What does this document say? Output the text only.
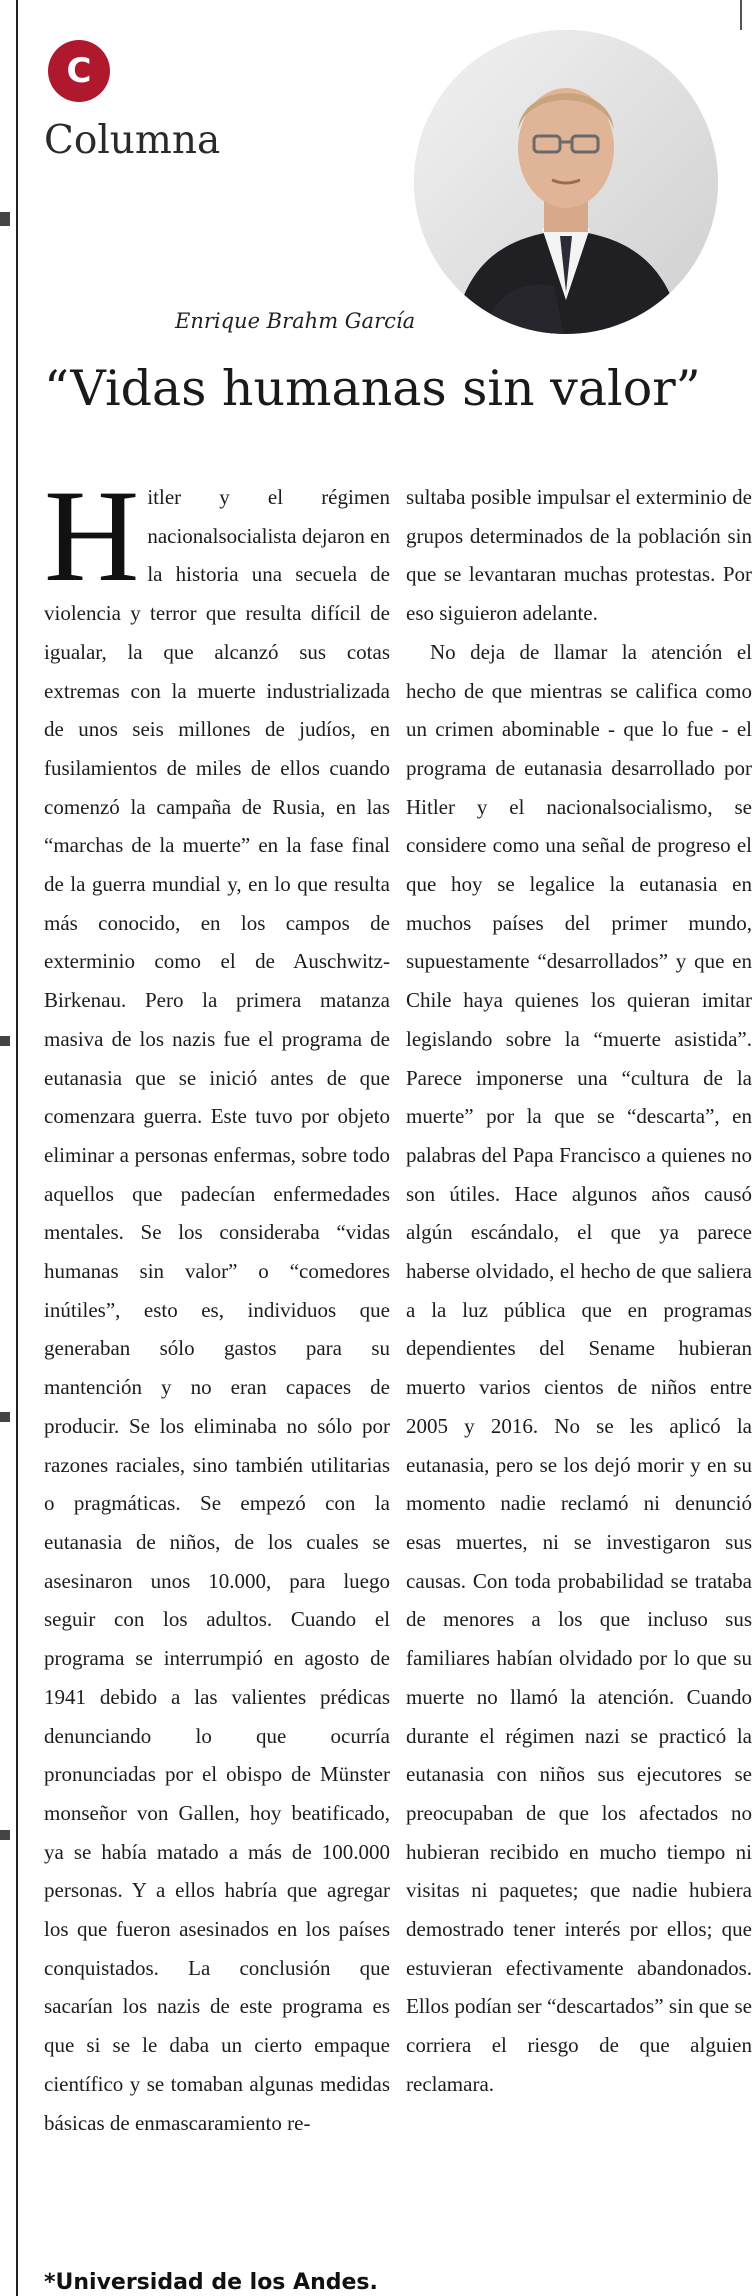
C
Columna
Enrique Brahm García
“Vidas humanas sin valor”
H itler y el régimen nacionalsocialista dejaron en la historia una secuela de violencia y terror que resulta difícil de igualar, la que alcanzó sus cotas extremas con la muerte industrializada de unos seis millones de judíos, en fusilamientos de miles de ellos cuando comenzó la campaña de Rusia, en las “marchas de la muerte” en la fase final de la guerra mundial y, en lo que resulta más conocido, en los campos de exterminio como el de Auschwitz-Birkenau. Pero la primera matanza masiva de los nazis fue el programa de eutanasia que se inició antes de que comenzara guerra. Este tuvo por objeto eliminar a personas enfermas, sobre todo aquellos que padecían enfermedades mentales. Se los consideraba “vidas humanas sin valor” o “comedores inútiles”, esto es, individuos que generaban sólo gastos para su mantención y no eran capaces de producir. Se los eliminaba no sólo por razones raciales, sino también utilitarias o pragmáticas. Se empezó con la eutanasia de niños, de los cuales se asesinaron unos 10.000, para luego seguir con los adultos. Cuando el programa se interrumpió en agosto de 1941 debido a las valientes prédicas denunciando lo que ocurría pronunciadas por el obispo de Münster monseñor von Gallen, hoy beatificado, ya se había matado a más de 100.000 personas. Y a ellos habría que agregar los que fueron asesinados en los países conquistados. La conclusión que sacarían los nazis de este programa es que si se le daba un cierto empaque científico y se tomaban algunas medidas básicas de enmascaramiento re-
sultaba posible impulsar el exterminio de grupos determinados de la población sin que se levantaran muchas protestas. Por eso siguieron adelante.
No deja de llamar la atención el hecho de que mientras se califica como un crimen abominable - que lo fue - el programa de eutanasia desarrollado por Hitler y el nacionalsocialismo, se considere como una señal de progreso el que hoy se legalice la eutanasia en muchos países del primer mundo, supuestamente “desarrollados” y que en Chile haya quienes los quieran imitar legislando sobre la “muerte asistida”. Parece imponerse una “cultura de la muerte” por la que se “descarta”, en palabras del Papa Francisco a quienes no son útiles. Hace algunos años causó algún escándalo, el que ya parece haberse olvidado, el hecho de que saliera a la luz pública que en programas dependientes del Sename hubieran muerto varios cientos de niños entre 2005 y 2016. No se les aplicó la eutanasia, pero se los dejó morir y en su momento nadie reclamó ni denunció esas muertes, ni se investigaron sus causas. Con toda probabilidad se trataba de menores a los que incluso sus familiares habían olvidado por lo que su muerte no llamó la atención. Cuando durante el régimen nazi se practicó la eutanasia con niños sus ejecutores se preocupaban de que los afectados no hubieran recibido en mucho tiempo ni visitas ni paquetes; que nadie hubiera demostrado tener interés por ellos; que estuvieran efectivamente abandonados. Ellos podían ser “descartados” sin que se corriera el riesgo de que alguien reclamara.
*Universidad de los Andes.
